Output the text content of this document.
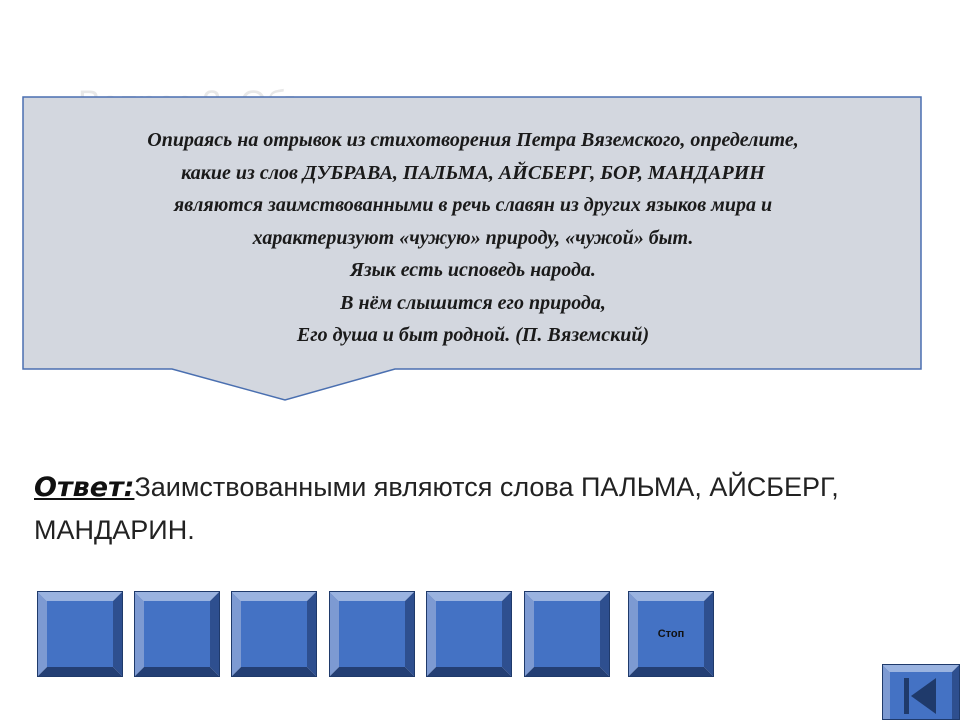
Опираясь на отрывок из стихотворения Петра Вяземского, определите,
какие из слов ДУБРАВА, ПАЛЬМА, АЙСБЕРГ, БОР, МАНДАРИН
являются заимствованными в речь славян из других языков мира и
характеризуют «чужую» природу, «чужой» быт.
Язык есть исповедь народа.
В нём слышится его природа,
Его душа и быт родной. (П. Вяземский)
Ответ:Заимствованными являются слова ПАЛЬМА, АЙСБЕРГ, МАНДАРИН.
Стоп
